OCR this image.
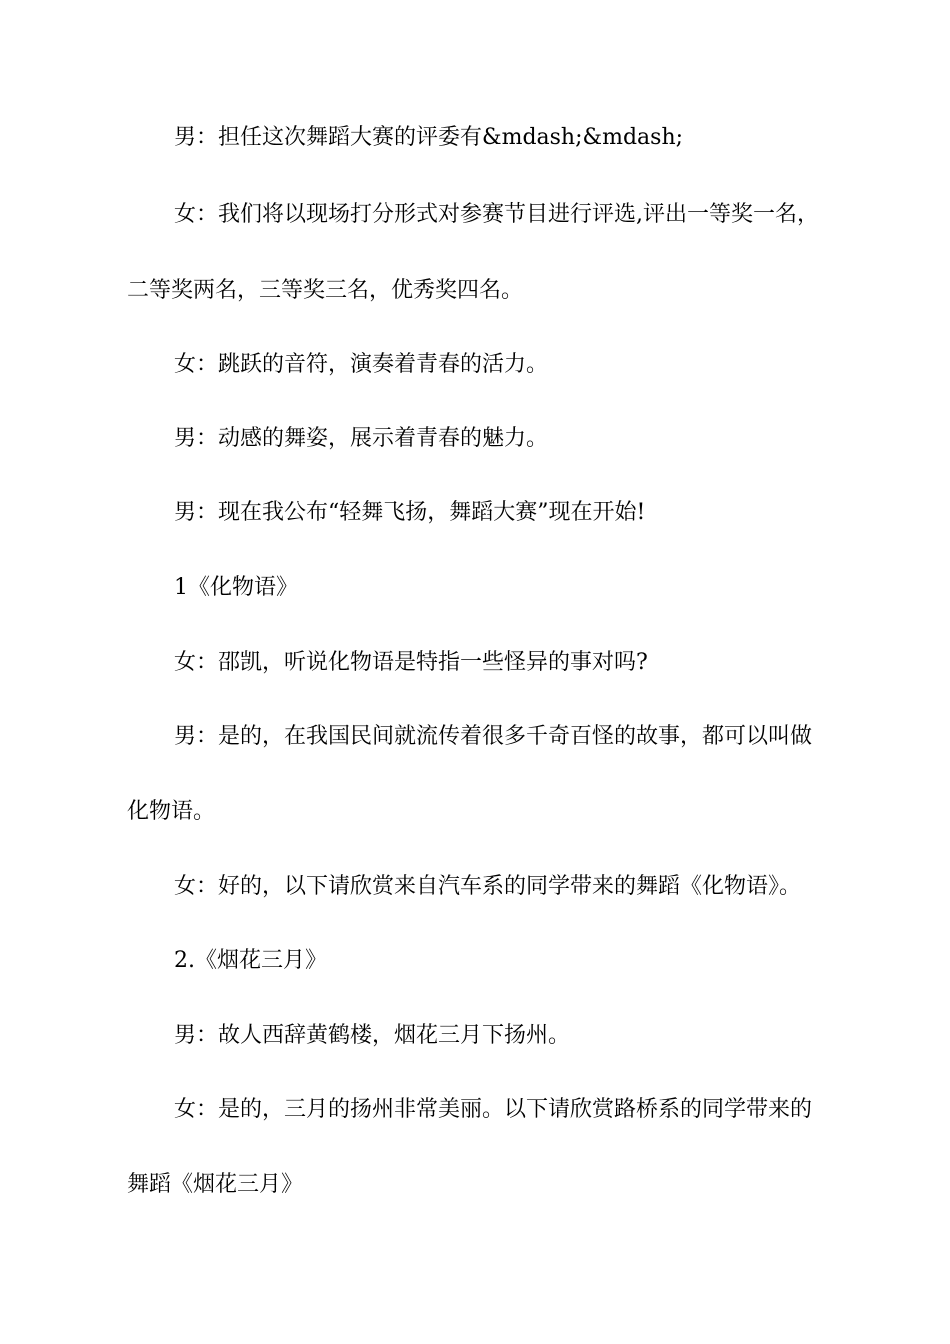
男：担任这次舞蹈大赛的评委有&mdash;&mdash;
女：我们将以现场打分形式对参赛节目进行评选,评出一等奖一名，
二等奖两名，三等奖三名，优秀奖四名。
女：跳跃的音符，演奏着青春的活力。
男：动感的舞姿，展示着青春的魅力。
男：现在我公布“轻舞飞扬，舞蹈大赛”现在开始!
1《化物语》
女：邵凯，听说化物语是特指一些怪异的事对吗?
男：是的，在我国民间就流传着很多千奇百怪的故事，都可以叫做
化物语。
女：好的，以下请欣赏来自汽车系的同学带来的舞蹈《化物语》。
2.《烟花三月》
男：故人西辞黄鹤楼，烟花三月下扬州。
女：是的，三月的扬州非常美丽。以下请欣赏路桥系的同学带来的
舞蹈《烟花三月》
